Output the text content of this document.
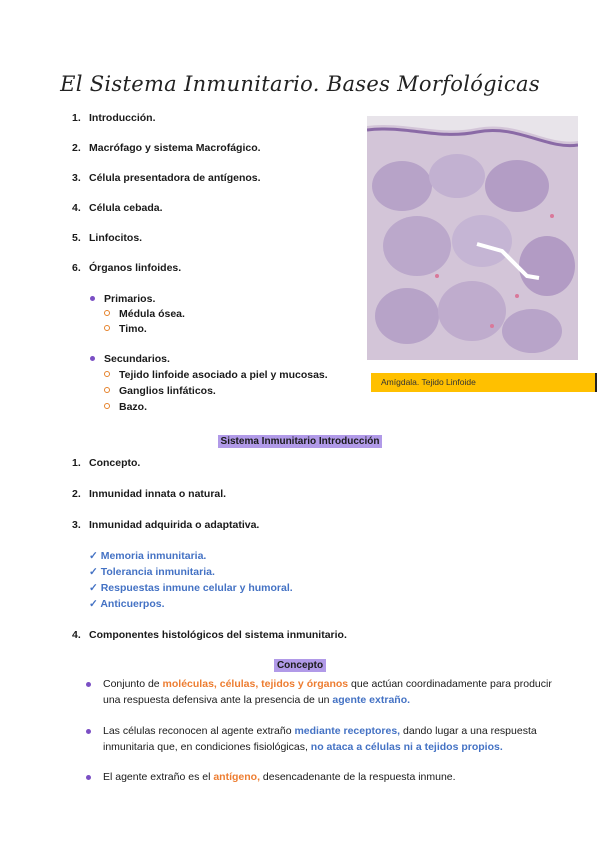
El Sistema Inmunitario. Bases Morfológicas
1. Introducción.
2. Macrófago y sistema Macrofágico.
3. Célula presentadora de antígenos.
4. Célula cebada.
5. Linfocitos.
6. Órganos linfoides.
Primarios.
Médula ósea.
Timo.
Secundarios.
Tejido linfoide asociado a piel y mucosas.
Ganglios linfáticos.
Bazo.
Amígdala. Tejido Linfoide
Sistema Inmunitario Introducción
1. Concepto.
2. Inmunidad innata o natural.
3. Inmunidad adquirida o adaptativa.
✓ Memoria inmunitaria.
✓ Tolerancia inmunitaria.
✓ Respuestas inmune celular y humoral.
✓ Anticuerpos.
4. Componentes histológicos del sistema inmunitario.
Concepto
Conjunto de moléculas, células, tejidos y órganos que actúan coordinadamente para producir una respuesta defensiva ante la presencia de un agente extraño.
Las células reconocen al agente extraño mediante receptores, dando lugar a una respuesta inmunitaria que, en condiciones fisiológicas, no ataca a células ni a tejidos propios.
El agente extraño es el antígeno, desencadenante de la respuesta inmune.
